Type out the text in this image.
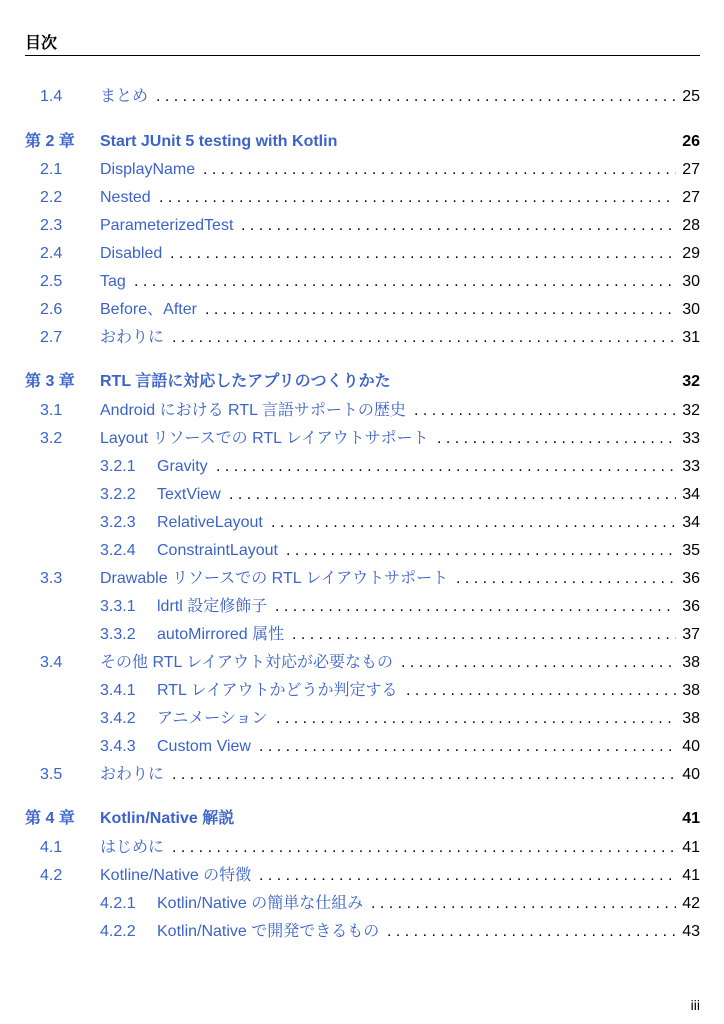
目次
1.4 まとめ . . .	25
第 2 章 Start JUnit 5 testing with Kotlin	26
2.1 DisplayName . . .	27
2.2 Nested . . .	27
2.3 ParameterizedTest . . .	28
2.4 Disabled . . .	29
2.5 Tag . . .	30
2.6 Before、After . . .	30
2.7 おわりに . . .	31
第 3 章 RTL 言語に対応したアプリのつくりかた	32
3.1 Android における RTL 言語サポートの歴史 . . .	32
3.2 Layout リソースでの RTL レイアウトサポート . . .	33
3.2.1 Gravity . . .	33
3.2.2 TextView . . .	34
3.2.3 RelativeLayout . . .	34
3.2.4 ConstraintLayout . . .	35
3.3 Drawable リソースでの RTL レイアウトサポート . . .	36
3.3.1 ldrtl 設定修飾子 . . .	36
3.3.2 autoMirrored 属性 . . .	37
3.4 その他 RTL レイアウト対応が必要なもの . . .	38
3.4.1 RTL レイアウトかどうか判定する . . .	38
3.4.2 アニメーション . . .	38
3.4.3 Custom View . . .	40
3.5 おわりに . . .	40
第 4 章 Kotlin/Native 解説	41
4.1 はじめに . . .	41
4.2 Kotline/Native の特徴 . . .	41
4.2.1 Kotlin/Native の簡単な仕組み . . .	42
4.2.2 Kotlin/Native で開発できるもの . . .	43
iii
